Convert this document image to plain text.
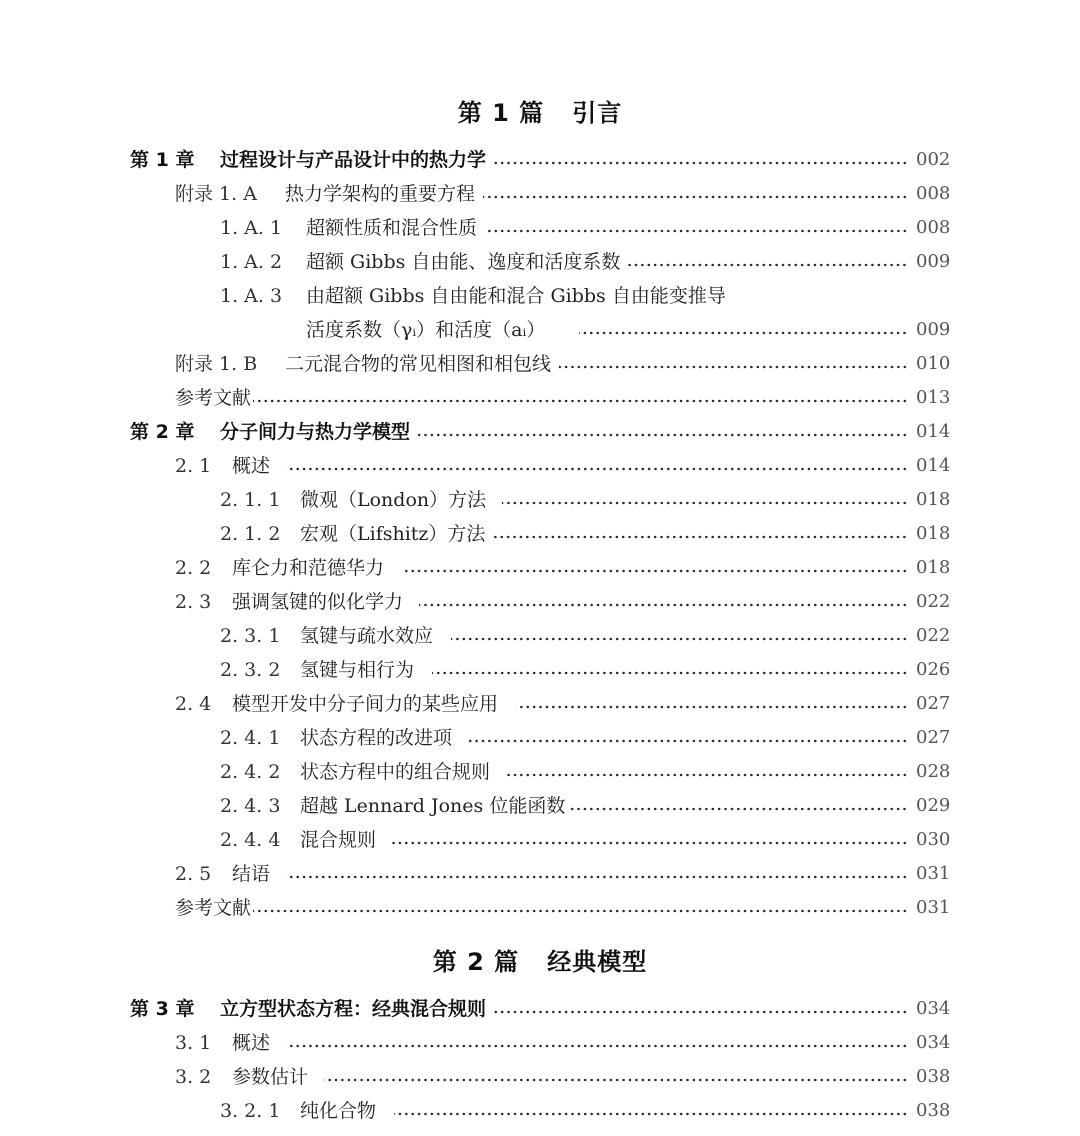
第 1 篇   引言
第 1 章	过程设计与产品设计中的热力学	002
附录 1. A	热力学架构的重要方程	008
1. A. 1	超额性质和混合性质	008
1. A. 2	超额 Gibbs 自由能、逸度和活度系数	009
1. A. 3	由超额 Gibbs 自由能和混合 Gibbs 自由能变推导
活度系数（γᵢ）和活度（aᵢ）	009
附录 1. B	二元混合物的常见相图和相包线	010
参考文献	013
第 2 章	分子间力与热力学模型	014
2. 1	概述	014
2. 1. 1	微观（London）方法	018
2. 1. 2	宏观（Lifshitz）方法	018
2. 2	库仑力和范德华力	018
2. 3	强调氢键的似化学力	022
2. 3. 1	氢键与疏水效应	022
2. 3. 2	氢键与相行为	026
2. 4	模型开发中分子间力的某些应用	027
2. 4. 1	状态方程的改进项	027
2. 4. 2	状态方程中的组合规则	028
2. 4. 3	超越 Lennard Jones 位能函数	029
2. 4. 4	混合规则	030
2. 5	结语	031
参考文献	031
第 2 篇   经典模型
第 3 章	立方型状态方程：经典混合规则	034
3. 1	概述	034
3. 2	参数估计	038
3. 2. 1	纯化合物	038
